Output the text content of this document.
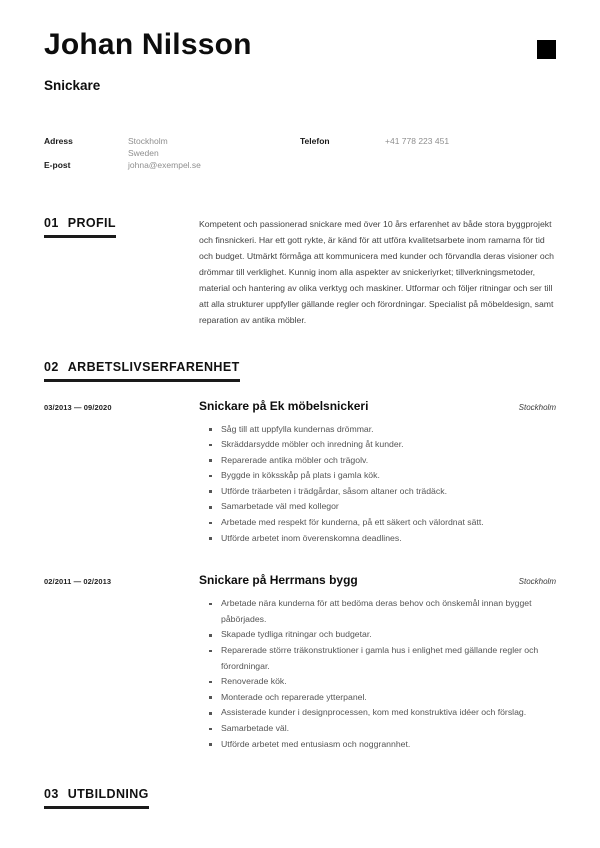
Johan Nilsson
Snickare
Adress	Stockholm
Sweden
Telefon	+41 778 223 451
E-post	johna@exempel.se
01 PROFIL	Kompetent och passionerad snickare med över 10 års erfarenhet av både stora byggprojekt och finsnickeri. Har ett gott rykte, är känd för att utföra kvalitetsarbete inom ramarna för tid och budget. Utmärkt förmåga att kommunicera med kunder och förvandla deras visioner och drömmar till verklighet. Kunnig inom alla aspekter av snickeriyrket; tillverkningsmetoder, material och hantering av olika verktyg och maskiner. Utformar och följer ritningar och ser till att alla strukturer uppfyller gällande regler och förordningar. Specialist på möbeldesign, samt reparation av antika möbler.

02 ARBETSLIVSERFARENHET
03/2013 — 09/2020	Snickare på Ek möbelsnickeri	Stockholm
Såg till att uppfylla kundernas drömmar.
Skräddarsydde möbler och inredning åt kunder.
Reparerade antika möbler och trägolv.
Byggde in köksskåp på plats i gamla kök.
Utförde träarbeten i trädgårdar, såsom altaner och trädäck.
Samarbetade väl med kollegor
Arbetade med respekt för kunderna, på ett säkert och välordnat sätt.
Utförde arbetet inom överenskomna deadlines.
02/2011 — 02/2013	Snickare på Herrmans bygg	Stockholm
Arbetade nära kunderna för att bedöma deras behov och önskemål innan bygget påbörjades.
Skapade tydliga ritningar och budgetar.
Reparerade större träkonstruktioner i gamla hus i enlighet med gällande regler och förordningar.
Renoverade kök.
Monterade och reparerade ytterpanel.
Assisterade kunder i designprocessen, kom med konstruktiva idéer och förslag.
Samarbetade väl.
Utförde arbetet med entusiasm och noggrannhet.
03 UTBILDNING
